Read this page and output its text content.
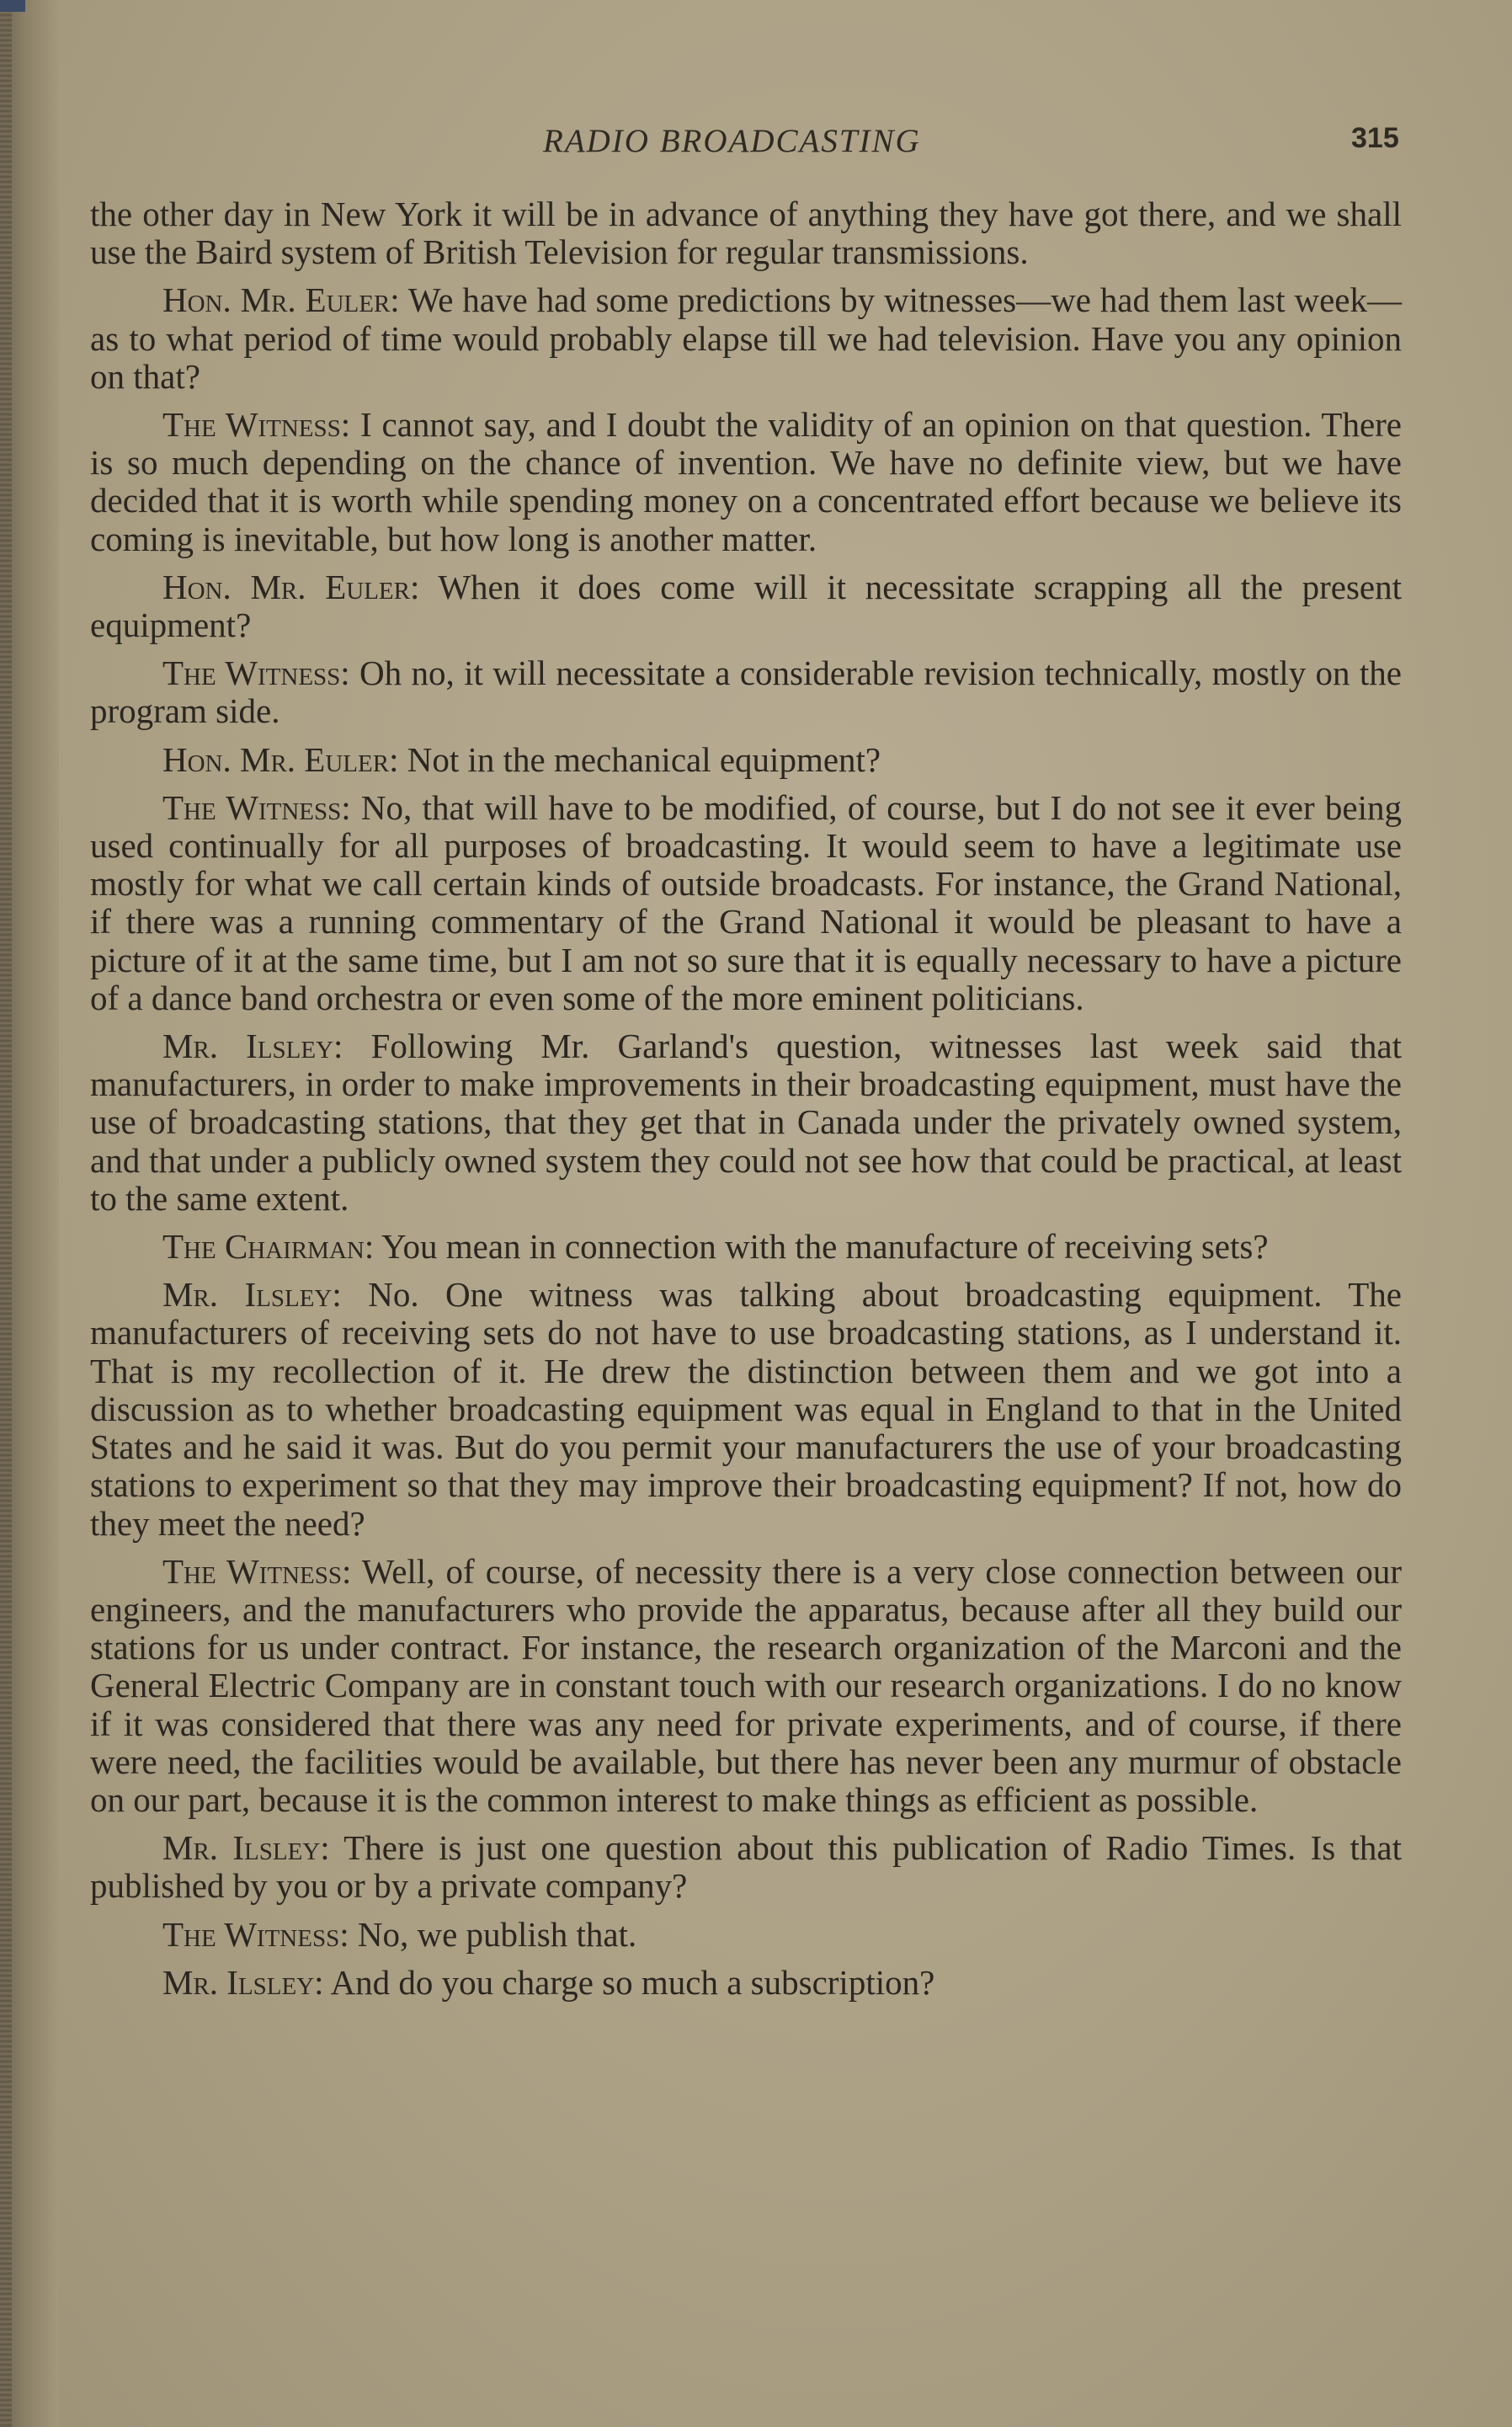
RADIO BROADCASTING	315

the other day in New York it will be in advance of anything they have got there, and we shall use the Baird system of British Television for regular transmissions.

Hon. Mr. Euler: We have had some predictions by witnesses—we had them last week—as to what period of time would probably elapse till we had television. Have you any opinion on that?

The Witness: I cannot say, and I doubt the validity of an opinion on that question. There is so much depending on the chance of invention. We have no definite view, but we have decided that it is worth while spending money on a concentrated effort because we believe its coming is inevitable, but how long is another matter.

Hon. Mr. Euler: When it does come will it necessitate scrapping all the present equipment?

The Witness: Oh no, it will necessitate a considerable revision technically, mostly on the program side.

Hon. Mr. Euler: Not in the mechanical equipment?

The Witness: No, that will have to be modified, of course, but I do not see it ever being used continually for all purposes of broadcasting. It would seem to have a legitimate use mostly for what we call certain kinds of outside broadcasts. For instance, the Grand National, if there was a running commentary of the Grand National it would be pleasant to have a picture of it at the same time, but I am not so sure that it is equally necessary to have a picture of a dance band orchestra or even some of the more eminent politicians.

Mr. Ilsley: Following Mr. Garland's question, witnesses last week said that manufacturers, in order to make improvements in their broadcasting equipment, must have the use of broadcasting stations, that they get that in Canada under the privately owned system, and that under a publicly owned system they could not see how that could be practical, at least to the same extent.

The Chairman: You mean in connection with the manufacture of receiving sets?

Mr. Ilsley: No. One witness was talking about broadcasting equipment. The manufacturers of receiving sets do not have to use broadcasting stations, as I understand it. That is my recollection of it. He drew the distinction between them and we got into a discussion as to whether broadcasting equipment was equal in England to that in the United States and he said it was. But do you permit your manufacturers the use of your broadcasting stations to experiment so that they may improve their broadcasting equipment? If not, how do they meet the need?

The Witness: Well, of course, of necessity there is a very close connection between our engineers, and the manufacturers who provide the apparatus, because after all they build our stations for us under contract. For instance, the research organization of the Marconi and the General Electric Company are in constant touch with our research organizations. I do no know if it was considered that there was any need for private experiments, and of course, if there were need, the facilities would be available, but there has never been any murmur of obstacle on our part, because it is the common interest to make things as efficient as possible.

Mr. Ilsley: There is just one question about this publication of Radio Times. Is that published by you or by a private company?

The Witness: No, we publish that.

Mr. Ilsley: And do you charge so much a subscription?
